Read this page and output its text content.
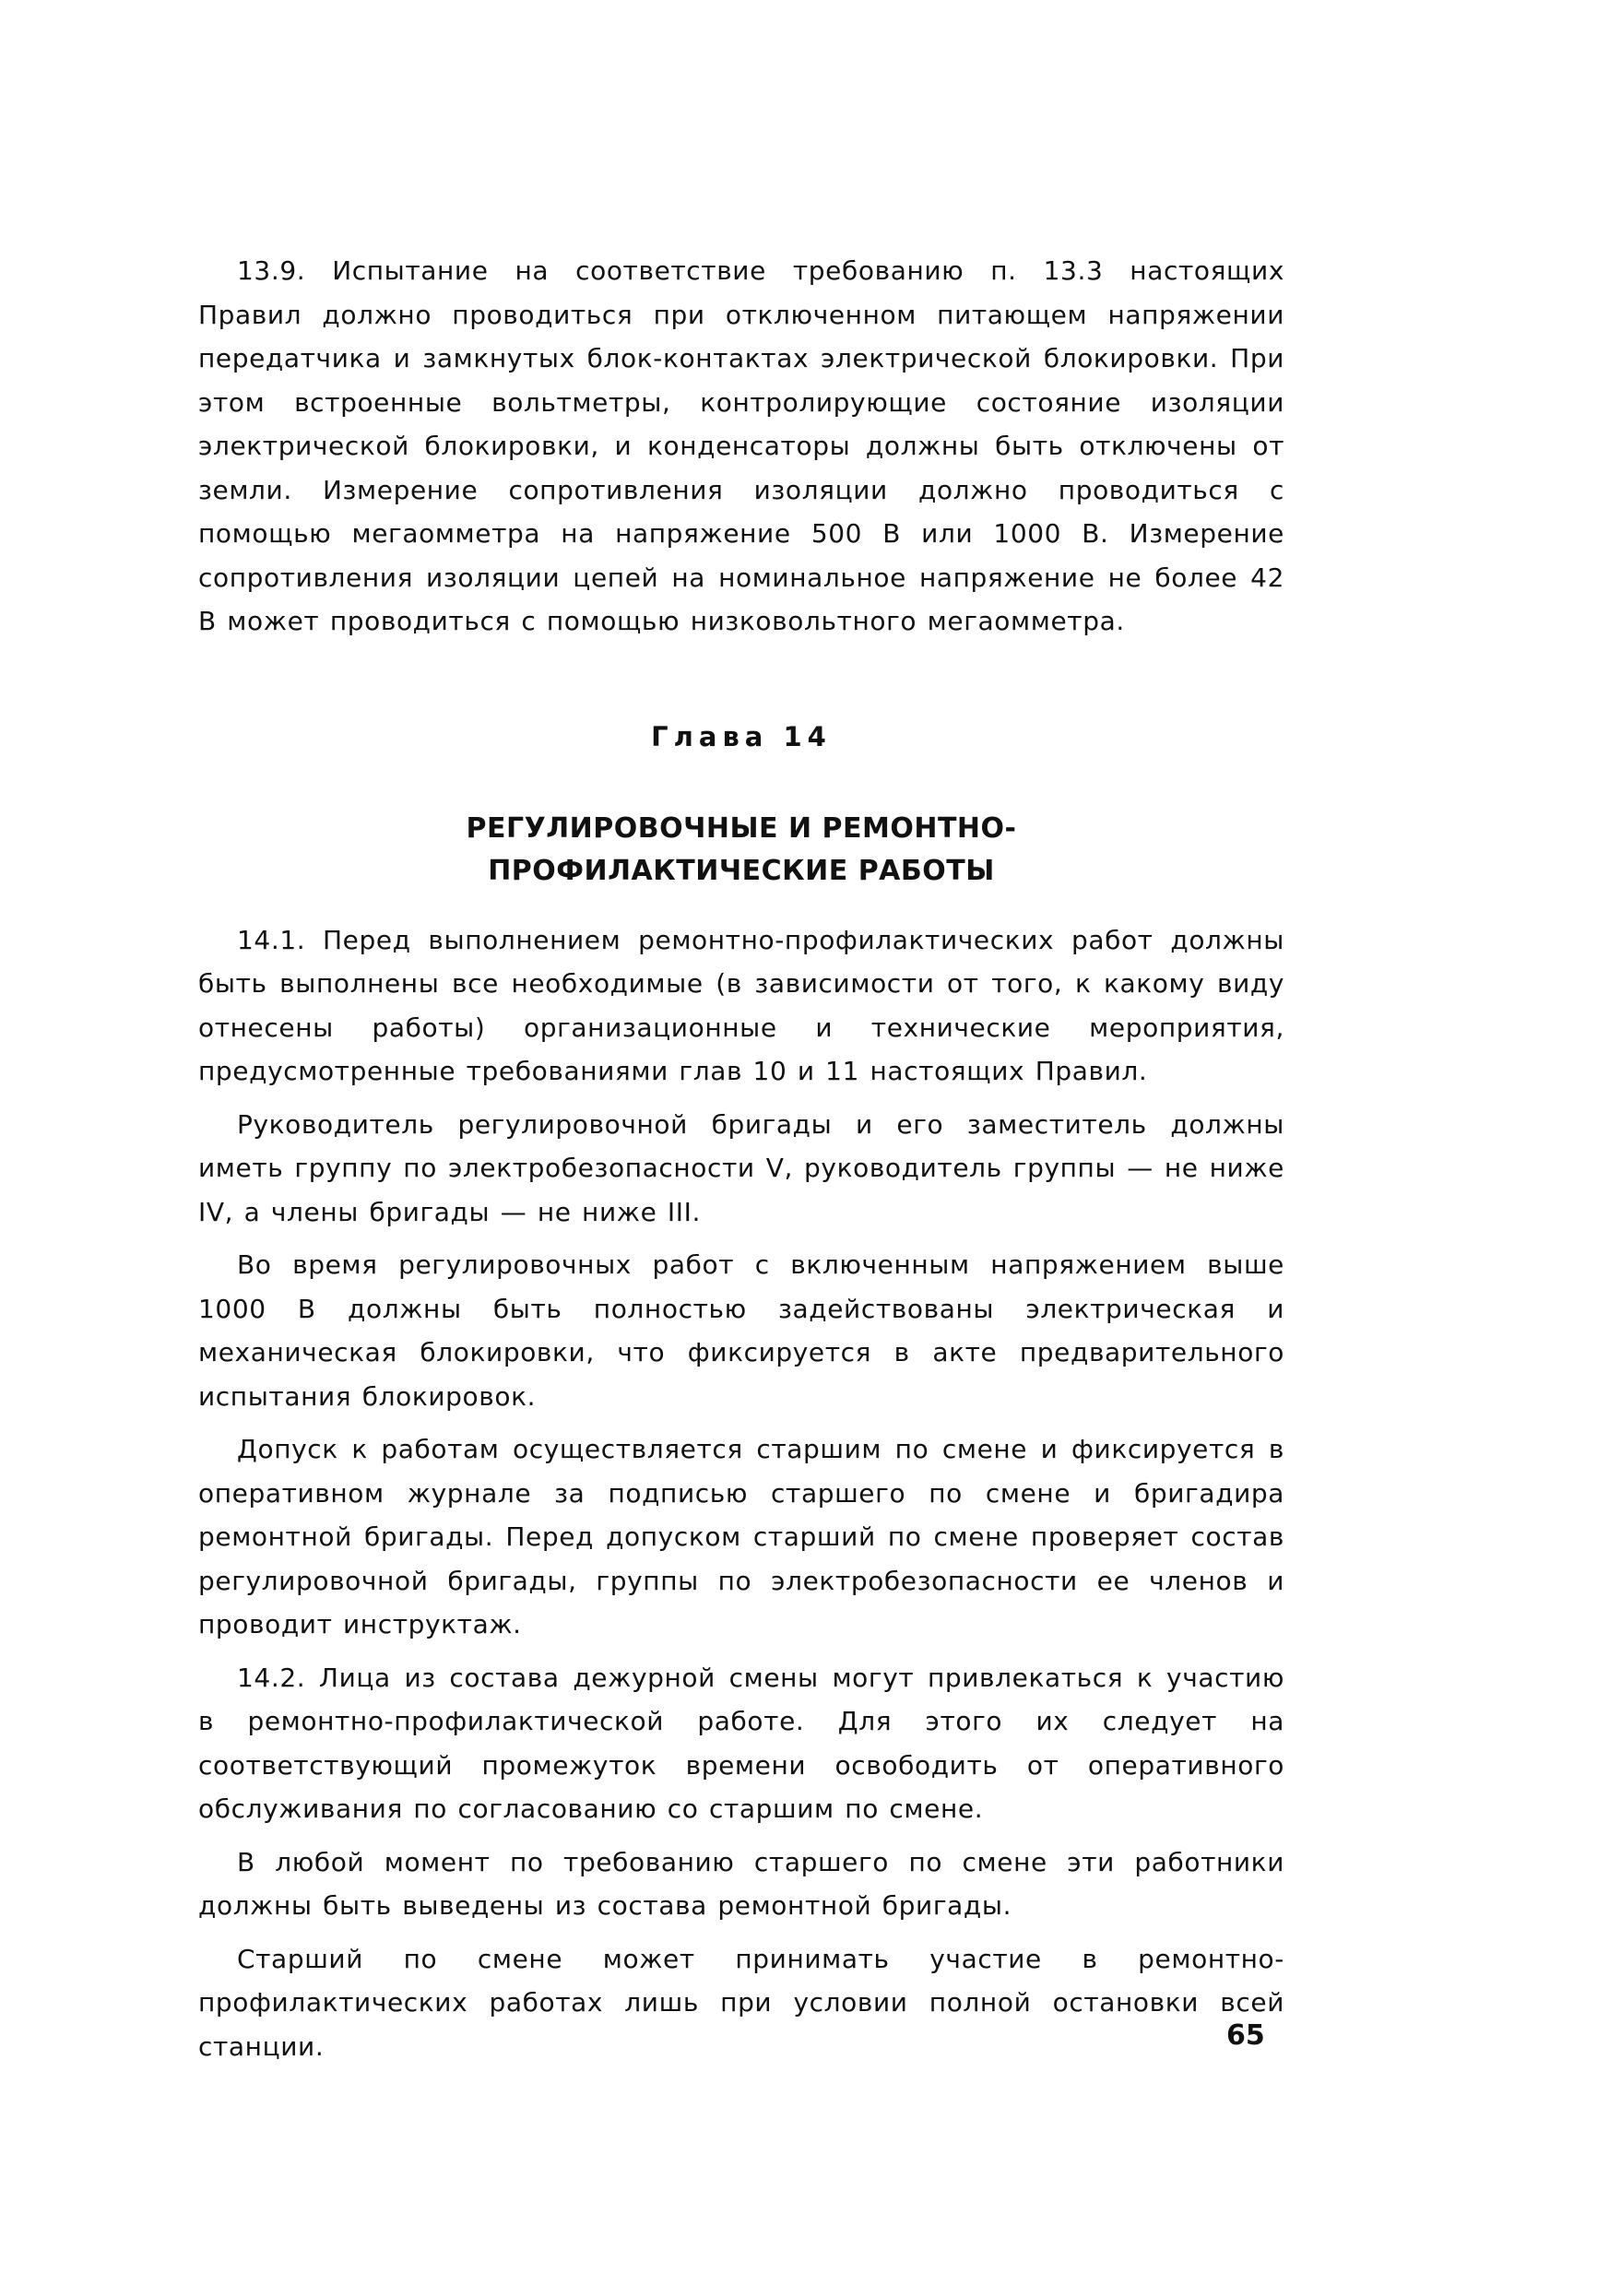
13.9. Испытание на соответствие требованию п. 13.3 настоящих Правил должно проводиться при отключенном питающем напряжении передатчика и замкнутых блок-контактах электрической блокировки. При этом встроенные вольтметры, контролирующие состояние изоляции электрической блокировки, и конденсаторы должны быть отключены от земли. Измерение сопротивления изоляции должно проводиться с помощью мегаомметра на напряжение 500 В или 1000 В. Измерение сопротивления изоляции цепей на номинальное напряжение не более 42 В может проводиться с помощью низковольтного мегаомметра.

Глава 14
РЕГУЛИРОВОЧНЫЕ И РЕМОНТНО-ПРОФИЛАКТИЧЕСКИЕ РАБОТЫ

14.1. Перед выполнением ремонтно-профилактических работ должны быть выполнены все необходимые (в зависимости от того, к какому виду отнесены работы) организационные и технические мероприятия, предусмотренные требованиями глав 10 и 11 настоящих Правил.

Руководитель регулировочной бригады и его заместитель должны иметь группу по электробезопасности V, руководитель группы — не ниже IV, а члены бригады — не ниже III.

Во время регулировочных работ с включенным напряжением выше 1000 В должны быть полностью задействованы электрическая и механическая блокировки, что фиксируется в акте предварительного испытания блокировок.

Допуск к работам осуществляется старшим по смене и фиксируется в оперативном журнале за подписью старшего по смене и бригадира ремонтной бригады. Перед допуском старший по смене проверяет состав регулировочной бригады, группы по электробезопасности ее членов и проводит инструктаж.

14.2. Лица из состава дежурной смены могут привлекаться к участию в ремонтно-профилактической работе. Для этого их следует на соответствующий промежуток времени освободить от оперативного обслуживания по согласованию со старшим по смене.

В любой момент по требованию старшего по смене эти работники должны быть выведены из состава ремонтной бригады.

Старший по смене может принимать участие в ремонтно-профилактических работах лишь при условии полной остановки всей станции.	65
